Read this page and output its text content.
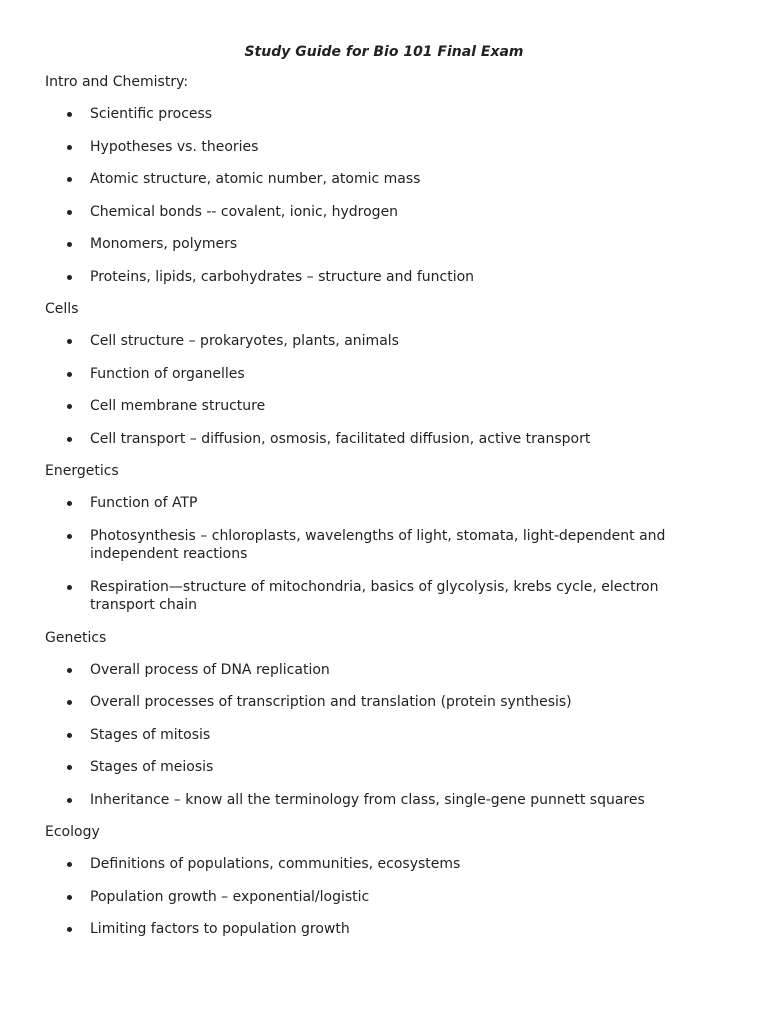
Study Guide for Bio 101 Final Exam
Intro and Chemistry:
Scientific process
Hypotheses vs. theories
Atomic structure, atomic number, atomic mass
Chemical bonds -- covalent, ionic, hydrogen
Monomers, polymers
Proteins, lipids, carbohydrates – structure and function
Cells
Cell structure – prokaryotes, plants, animals
Function of organelles
Cell membrane structure
Cell transport – diffusion, osmosis, facilitated diffusion, active transport
Energetics
Function of ATP
Photosynthesis – chloroplasts, wavelengths of light, stomata, light-dependent and independent reactions
Respiration—structure of mitochondria, basics of glycolysis, krebs cycle, electron transport chain
Genetics
Overall process of DNA replication
Overall processes of transcription and translation (protein synthesis)
Stages of mitosis
Stages of meiosis
Inheritance – know all the terminology from class, single-gene punnett squares
Ecology
Definitions of populations, communities, ecosystems
Population growth – exponential/logistic
Limiting factors to population growth
